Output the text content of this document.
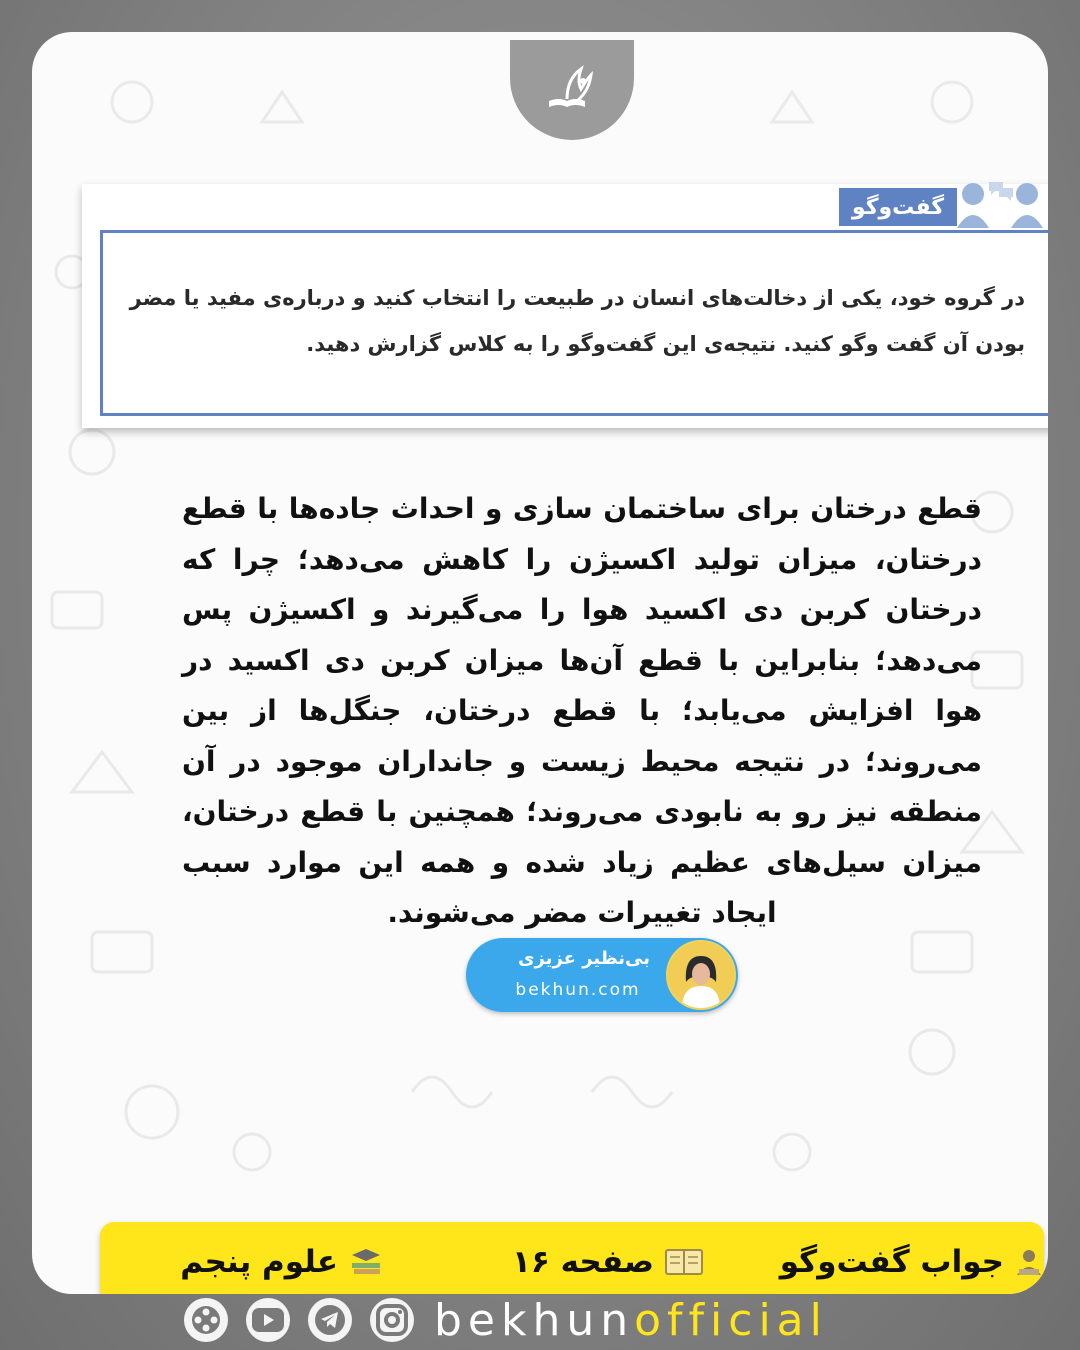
گفت‌وگو
در گروه خود، یکی از دخالت‌های انسان در طبیعت را انتخاب کنید و درباره‌ی مفید یا مضر بودن آن گفت وگو کنید. نتیجه‌ی این گفت‌وگو را به کلاس گزارش دهید.
قطع درختان برای ساختمان سازی و احداث جاده‌ها با قطع درختان، میزان تولید اکسیژن را کاهش می‌دهد؛ چرا که درختان کربن دی اکسید هوا را می‌گیرند و اکسیژن پس می‌دهد؛ بنابراین با قطع آن‌ها میزان کربن دی اکسید در هوا افزایش می‌یابد؛ با قطع درختان، جنگل‌ها از بین می‌روند؛ در نتیجه محیط زیست و جانداران موجود در آن منطقه نیز رو به نابودی می‌روند؛ همچنین با قطع درختان، میزان سیل‌های عظیم زیاد شده و همه این موارد سبب ایجاد تغییرات مضر می‌شوند.
بی‌نظیر عزیزی
bekhun.com
جواب گفت‌وگو
صفحه ۱۶
علوم پنجم
bekhun official
